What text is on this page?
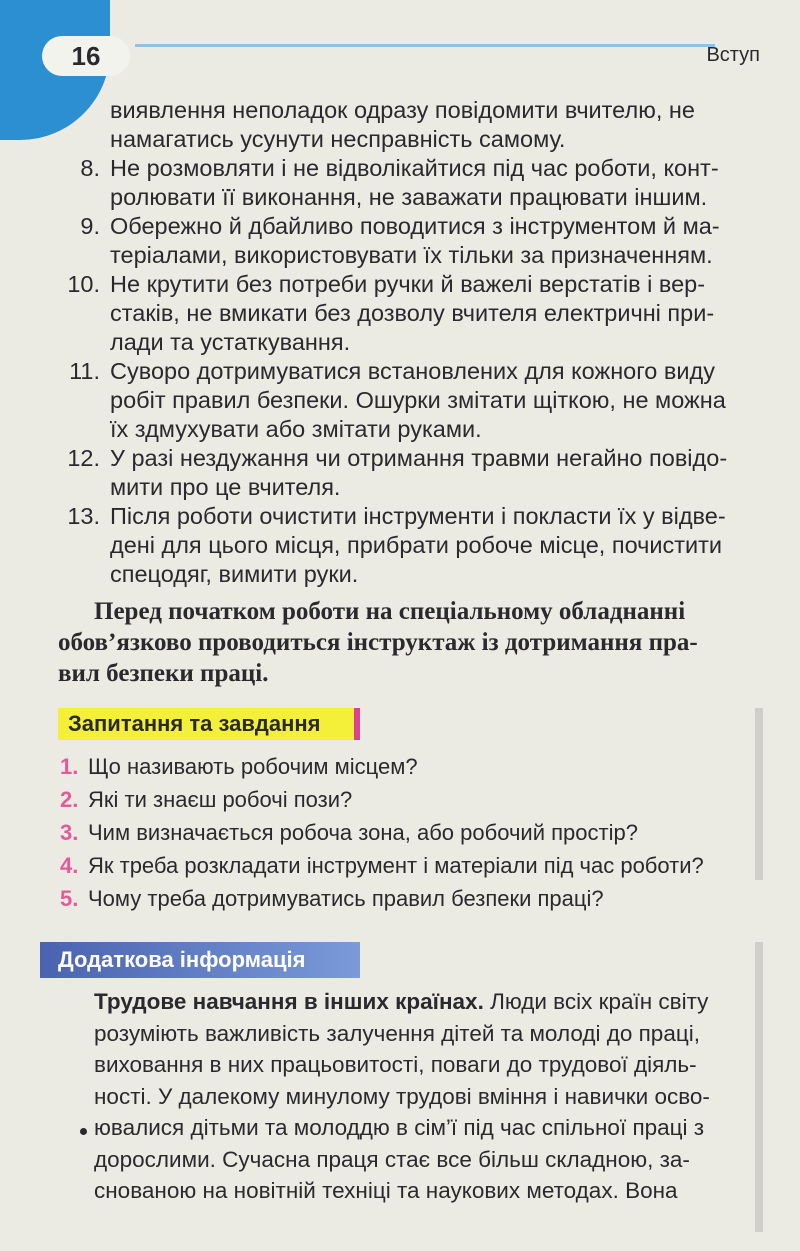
16	Вступ
виявлення неполадок одразу повідомити вчителю, не
намагатись усунути несправність самому.
8. Не розмовляти і не відволікайтися під час роботи, конт-
ролювати її виконання, не заважати працювати іншим.
9. Обережно й дбайливо поводитися з інструментом й ма-
теріалами, використовувати їх тільки за призначенням.
10. Не крутити без потреби ручки й важелі верстатів і вер-
стаків, не вмикати без дозволу вчителя електричні при-
лади та устаткування.
11. Суворо дотримуватися встановлених для кожного виду
робіт правил безпеки. Ошурки змітати щіткою, не можна
їх здмухувати або змітати руками.
12. У разі нездужання чи отримання травми негайно повідо-
мити про це вчителя.
13. Після роботи очистити інструменти і покласти їх у відве-
дені для цього місця, прибрати робоче місце, почистити
спецодяг, вимити руки.
Перед початком роботи на спеціальному обладнанні
обов’язково проводиться інструктаж із дотримання пра-
вил безпеки праці.
Запитання та завдання
1. Що називають робочим місцем?
2. Які ти знаєш робочі пози?
3. Чим визначається робоча зона, або робочий простір?
4. Як треба розкладати інструмент і матеріали під час роботи?
5. Чому треба дотримуватись правил безпеки праці?
Додаткова інформація
Трудове навчання в інших країнах. Люди всіх країн світу
розуміють важливість залучення дітей та молоді до праці,
виховання в них працьовитості, поваги до трудової діяль-
ності. У далекому минулому трудові вміння і навички осво-
ювалися дітьми та молоддю в сім’ї під час спільної праці з
дорослими. Сучасна праця стає все більш складною, за-
снованою на новітній техніці та наукових методах. Вона
